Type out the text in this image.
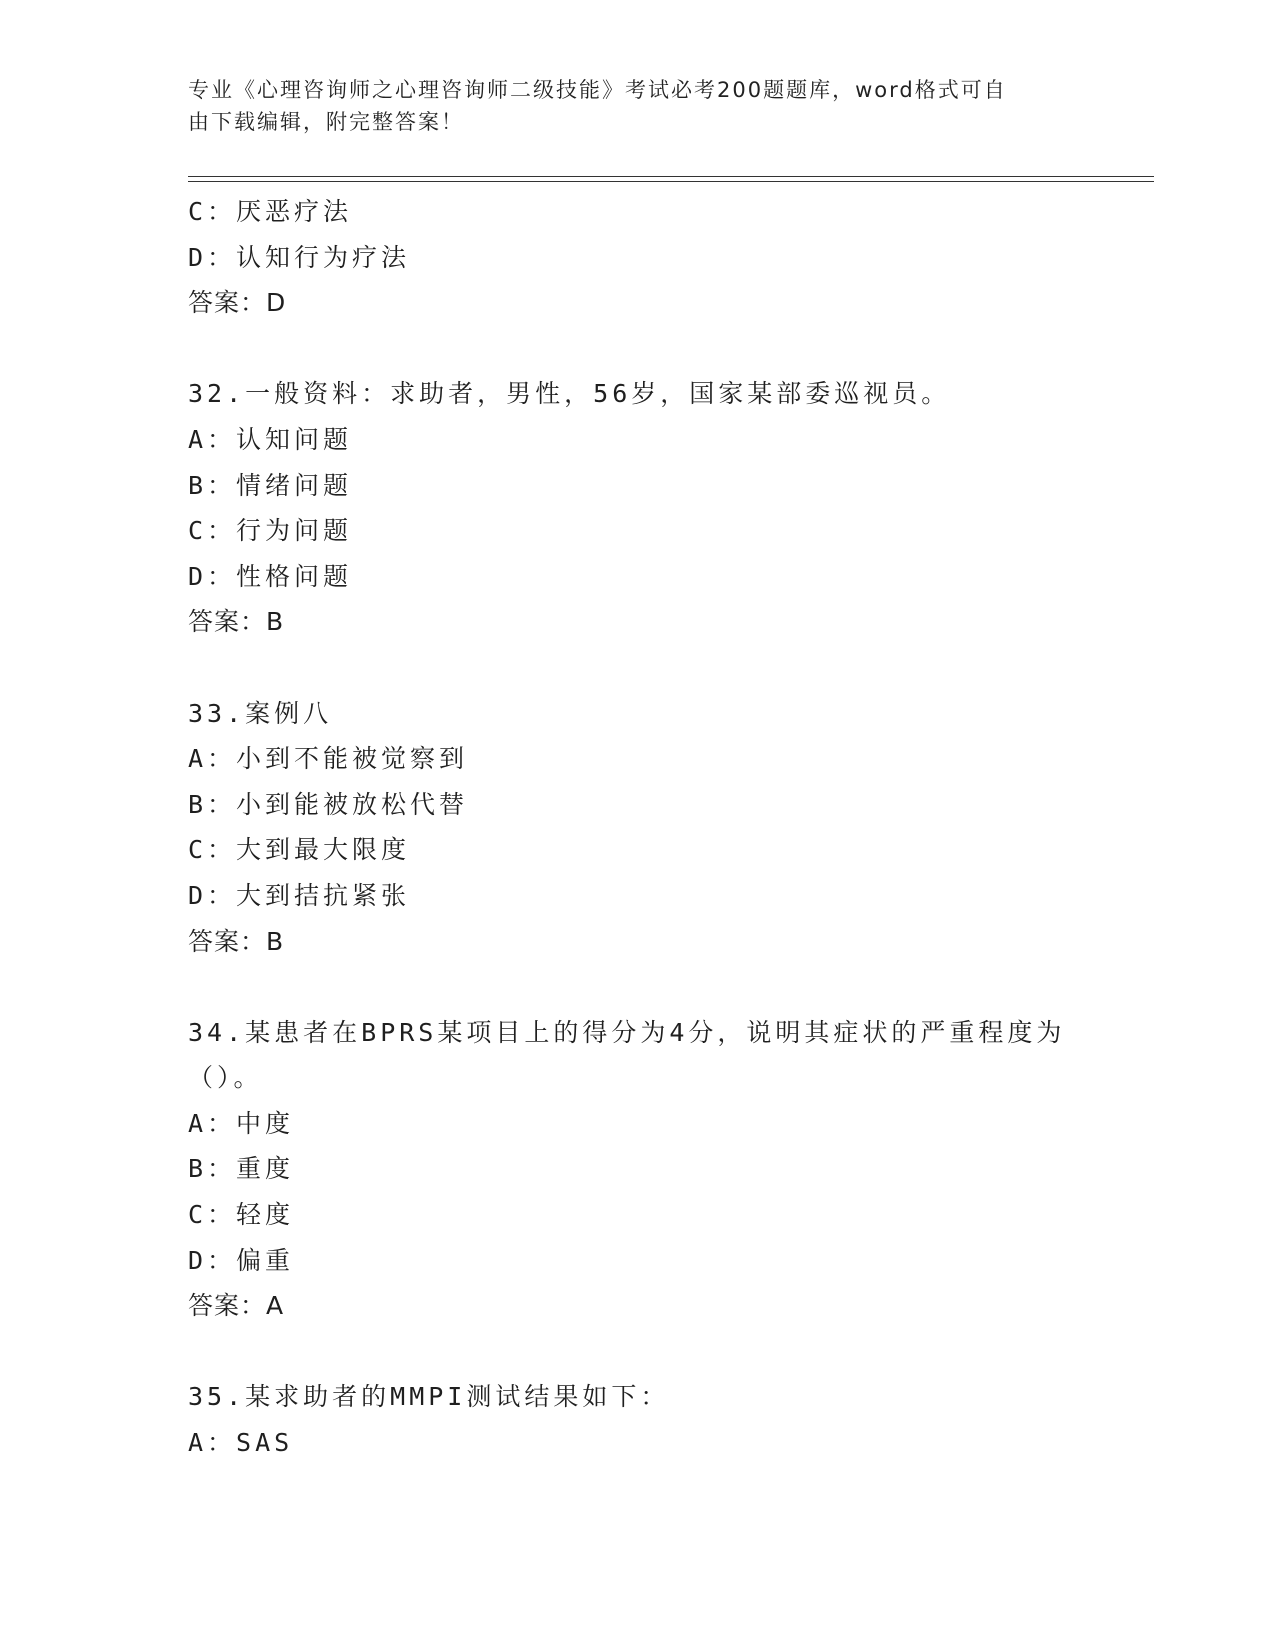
专业《心理咨询师之心理咨询师二级技能》考试必考200题题库，word格式可自
由下载编辑，附完整答案！
C：厌恶疗法
D：认知行为疗法
答案：D
32.一般资料：求助者，男性，56岁，国家某部委巡视员。
A：认知问题
B：情绪问题
C：行为问题
D：性格问题
答案：B
33.案例八
A：小到不能被觉察到
B：小到能被放松代替
C：大到最大限度
D：大到拮抗紧张
答案：B
34.某患者在BPRS某项目上的得分为4分，说明其症状的严重程度为
（）。
A：中度
B：重度
C：轻度
D：偏重
答案：A
35.某求助者的MMPI测试结果如下：
A：SAS
